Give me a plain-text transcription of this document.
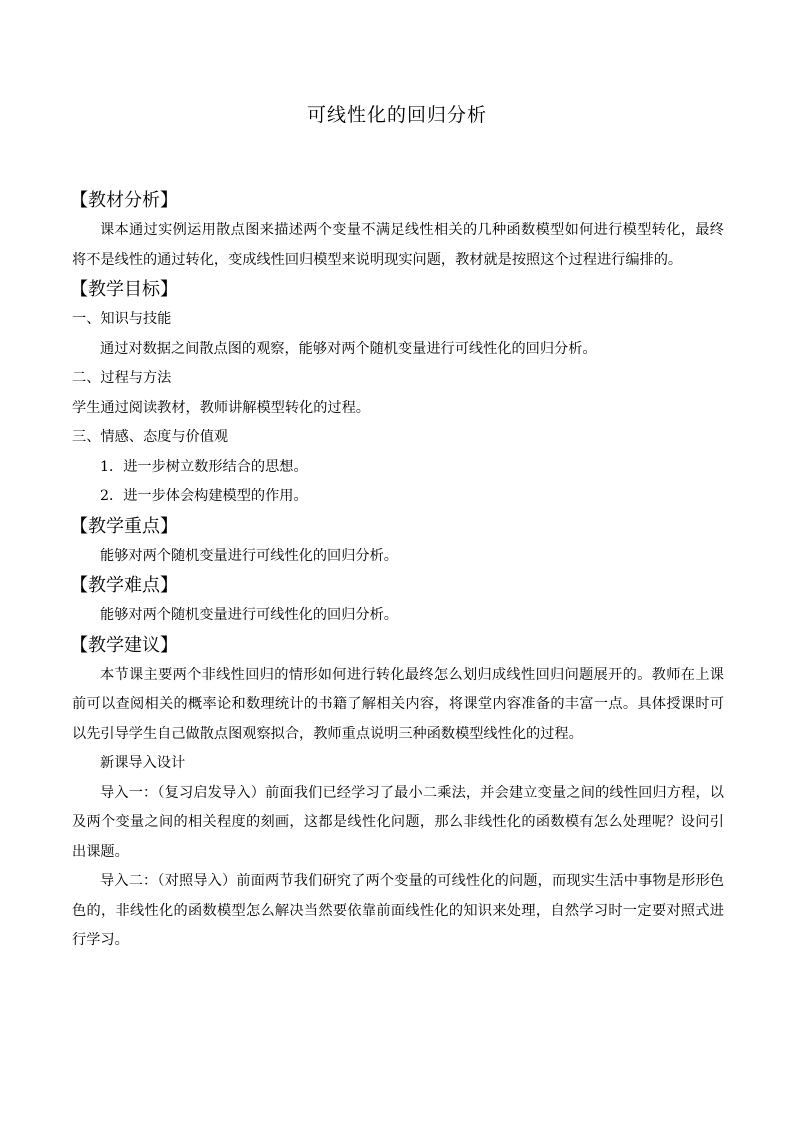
可线性化的回归分析
【教材分析】

课本通过实例运用散点图来描述两个变量不满足线性相关的几种函数模型如何进行模型转化，最终将不是线性的通过转化，变成线性回归模型来说明现实问题，教材就是按照这个过程进行编排的。

【教学目标】

一、知识与技能

通过对数据之间散点图的观察，能够对两个随机变量进行可线性化的回归分析。

二、过程与方法

学生通过阅读教材，教师讲解模型转化的过程。

三、情感、态度与价值观

1．进一步树立数形结合的思想。

2．进一步体会构建模型的作用。

【教学重点】

能够对两个随机变量进行可线性化的回归分析。

【教学难点】

能够对两个随机变量进行可线性化的回归分析。

【教学建议】

本节课主要两个非线性回归的情形如何进行转化最终怎么划归成线性回归问题展开的。教师在上课前可以查阅相关的概率论和数理统计的书籍了解相关内容，将课堂内容准备的丰富一点。具体授课时可以先引导学生自己做散点图观察拟合，教师重点说明三种函数模型线性化的过程。

新课导入设计

导入一：（复习启发导入）前面我们已经学习了最小二乘法，并会建立变量之间的线性回归方程，以及两个变量之间的相关程度的刻画，这都是线性化问题，那么非线性化的函数模有怎么处理呢？设问引出课题。

导入二：（对照导入）前面两节我们研究了两个变量的可线性化的问题，而现实生活中事物是形形色色的，非线性化的函数模型怎么解决当然要依靠前面线性化的知识来处理，自然学习时一定要对照式进行学习。
